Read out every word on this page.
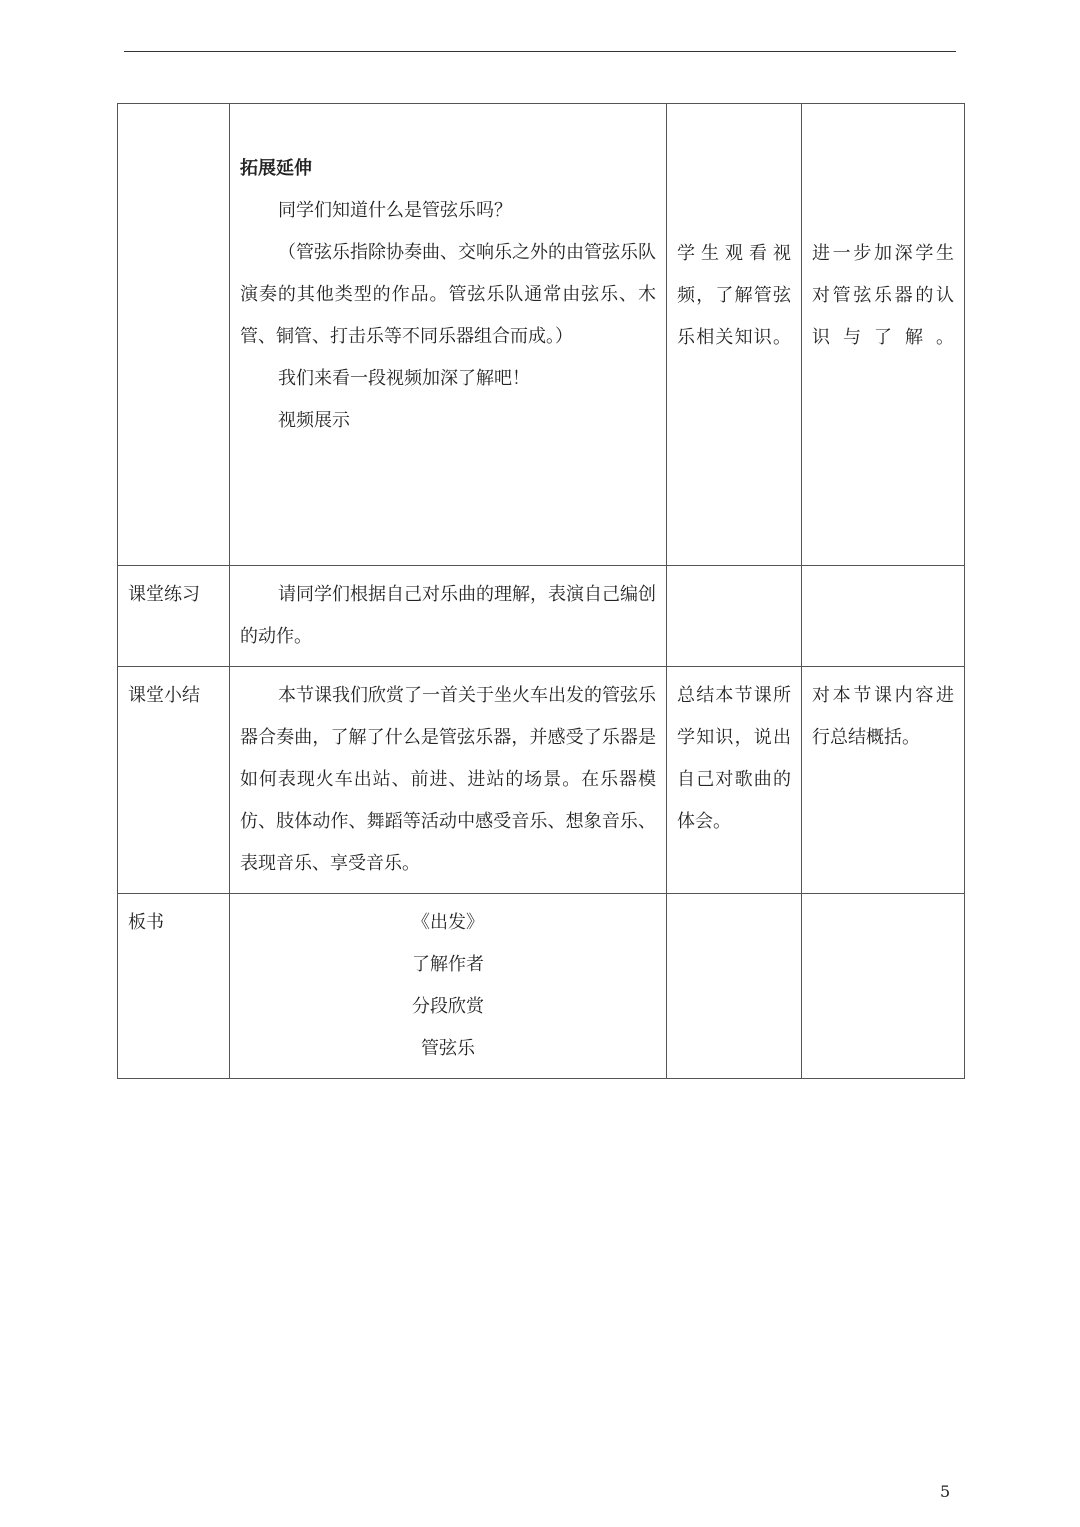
	拓展延伸

同学们知道什么是管弦乐吗？

（管弦乐指除协奏曲、交响乐之外的由管弦乐队演奏的其他类型的作品。管弦乐队通常由弦乐、木管、铜管、打击乐等不同乐器组合而成。）

我们来看一段视频加深了解吧！

视频展示	学生观看视频，了解管弦乐相关知识。	进一步加深学生对管弦乐器的认识与了解。
课堂练习	请同学们根据自己对乐曲的理解，表演自己编创的动作。		
课堂小结	本节课我们欣赏了一首关于坐火车出发的管弦乐器合奏曲，了解了什么是管弦乐器，并感受了乐器是如何表现火车出站、前进、进站的场景。在乐器模仿、肢体动作、舞蹈等活动中感受音乐、想象音乐、表现音乐、享受音乐。	总结本节课所学知识，说出自己对歌曲的体会。	对本节课内容进行总结概括。
板书	《出发》

了解作者

分段欣赏

管弦乐		

5
